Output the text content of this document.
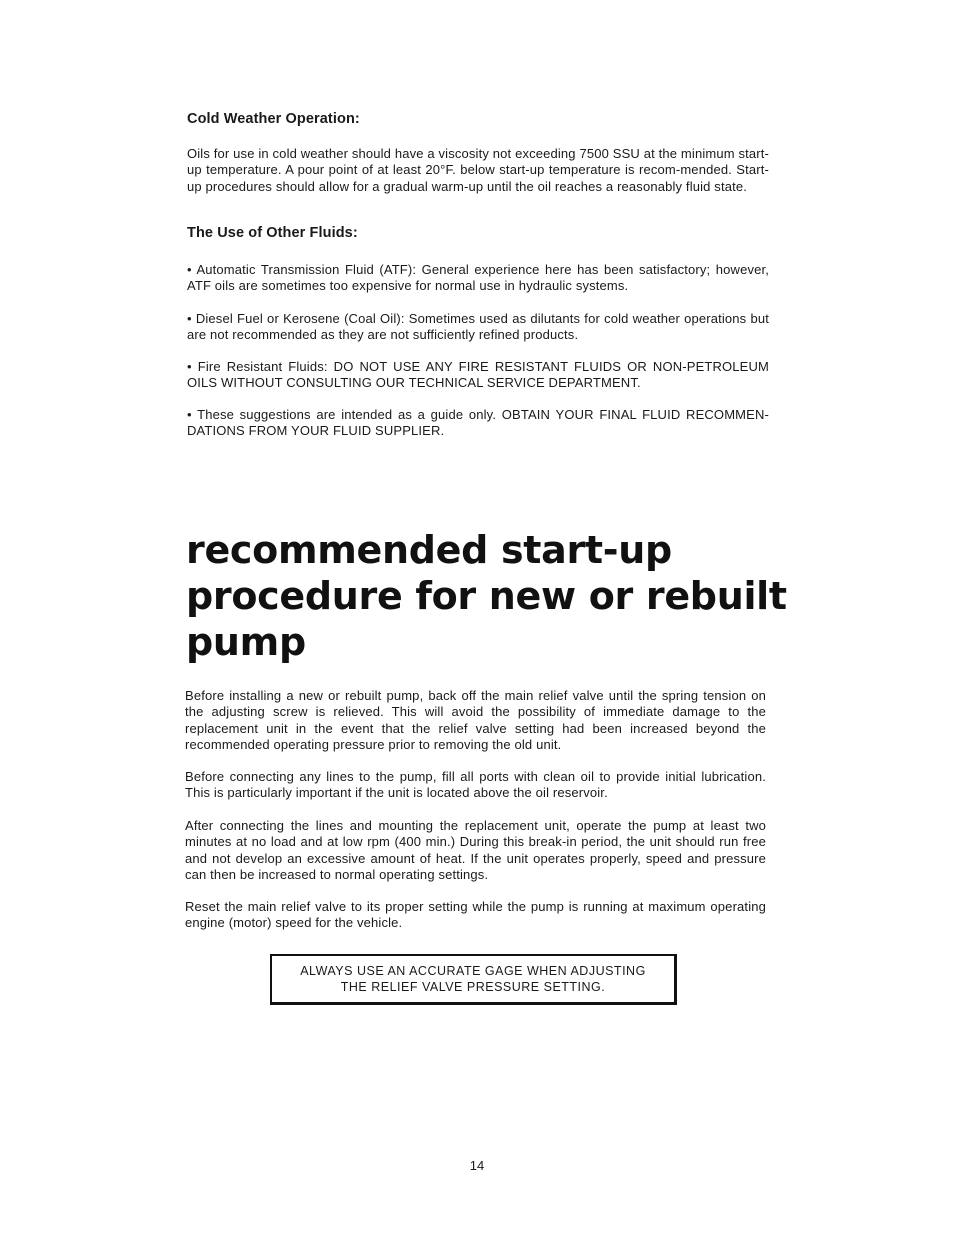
Cold Weather Operation:

Oils for use in cold weather should have a viscosity not exceeding 7500 SSU at the minimum start-up temperature. A pour point of at least 20°F. below start-up temperature is recom-mended. Start-up procedures should allow for a gradual warm-up until the oil reaches a reasonably fluid state.

The Use of Other Fluids:

• Automatic Transmission Fluid (ATF): General experience here has been satisfactory; however, ATF oils are sometimes too expensive for normal use in hydraulic systems.

• Diesel Fuel or Kerosene (Coal Oil): Sometimes used as dilutants for cold weather operations but are not recommended as they are not sufficiently refined products.

• Fire Resistant Fluids: DO NOT USE ANY FIRE RESISTANT FLUIDS OR NON-PETROLEUM OILS WITHOUT CONSULTING OUR TECHNICAL SERVICE DEPARTMENT.

• These suggestions are intended as a guide only. OBTAIN YOUR FINAL FLUID RECOMMEN-DATIONS FROM YOUR FLUID SUPPLIER.

recommended start-up
procedure for new or rebuilt
pump

Before installing a new or rebuilt pump, back off the main relief valve until the spring tension on the adjusting screw is relieved. This will avoid the possibility of immediate damage to the replacement unit in the event that the relief valve setting had been increased beyond the recommended operating pressure prior to removing the old unit.

Before connecting any lines to the pump, fill all ports with clean oil to provide initial lubrication. This is particularly important if the unit is located above the oil reservoir.

After connecting the lines and mounting the replacement unit, operate the pump at least two minutes at no load and at low rpm (400 min.) During this break-in period, the unit should run free and not develop an excessive amount of heat. If the unit operates properly, speed and pressure can then be increased to normal operating settings.

Reset the main relief valve to its proper setting while the pump is running at maximum operating engine (motor) speed for the vehicle.

ALWAYS USE AN ACCURATE GAGE WHEN ADJUSTING
THE RELIEF VALVE PRESSURE SETTING.
14
